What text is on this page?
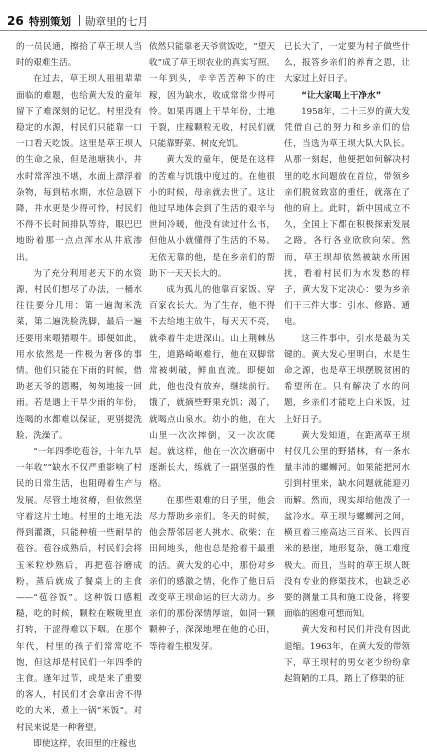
26 特别策划 勋章里的七月

的一员民通，擦拾了草王坝人当时的艰难生活。

在过去，草王坝人祖祖辈辈面临的难题，也给黄大发的童年留下了难深刻的记忆。村里没有稳定的水源，村民们只能靠一口一口看天吃饭。这里是草王坝人的生命之泉，但是池塘狭小，井水时常浑浊不堪，水面上漂浮着杂物，每到枯水期，水位急剧下降，井水更是少得可怜，村民们不得不长时间排队等待，眼巴巴地盼着那一点点浑水从井底渗出。

为了充分利用老天下的水资源，村民们想尽了办法，一桶水往往要分几用：第一遍淘米洗菜，第二遍洗脸洗脚，最后一遍还要用来喂猪喂牛。即便如此，用水依然是一件极为奢侈的事情。他们只能在下雨的时候，借助老天爷的恩赐，匆匆地接一回雨。若是遇上干旱少雨的年份，连喝的水都难以保证，更别提洗脸、洗澡了。

“一年四季吃苞谷，十年九旱一年收”“缺水不仅严重影响了村民的日常生活，也阻碍着生产与发展。尽管土地贫瘠，但依然坚守着这片土地。村里的土地无法得到灌溉，只能种植一些耐旱的苞谷。苞谷成熟后，村民们会将玉米粒炒熟后，再把苞谷磨成粉，蒸后就成了餐桌上的主食——“苞谷饭”。这种饭口感粗糙，吃的时候，颗粒在喉咙里直打转，干涩得难以下咽。在那个年代，村里的孩子们常常吃不饱，但这却是村民们一年四季的主食。逢年过节，或是来了重要的客人，村民们才会拿出舍不得吃的大米，煮上一锅“米饭”。对村民来说是一种奢望。

即使这样，农田里的庄稼也

依然只能靠老天爷赏饭吃，“望天收”成了草王坝农业的真实写照。一年到头，辛辛苦苦种下的庄稼，因为缺水，收成常常少得可怜。如果再遇上干旱年份，土地干裂，庄稼颗粒无收，村民们就只能靠野菜、树皮充饥。

黄大发的童年，便是在这样的苦难与饥饿中度过的。在他很小的时候，母亲就去世了。这让他过早地体会到了生活的艰辛与世间冷暖，他没有读过什么书，但他从小就懂得了生活的不易。无依无靠的他，是在乡亲们的帮助下一天天长大的。

成为孤儿的他靠百家饭、穿百家衣长大。为了生存，他不得不去给地主放牛，每天天不亮，就牵着牛走进深山。山上荆棘丛生，道路崎岖难行，他在双脚常常被刺破，鲜血直流。即便如此，他也没有放弃，继续前行。饿了，就摘些野果充饥；渴了，就喝点山泉水。幼小的他，在大山里一次次摔倒，又一次次爬起。就这样，他在一次次磨砺中逐渐长大，练就了一副坚强的性格。

在那些艰难的日子里，他会尽力帮助乡亲们。冬天的时候，他会帮邻居老人挑水、砍柴；在田间地头，他也总是抢着干最重的活。黄大发的心中，那份对乡亲们的感激之情，化作了他日后改变草王坝命运的巨大动力。乡亲们的那份深情厚谊，如同一颗颗种子，深深地埋在他的心田，等待着生根发芽。

已长大了，一定要为村子做些什么，报答乡亲们的养育之恩，让大家过上好日子。

“让大家喝上干净水”

1958年，二十三岁的黄大发凭借自己的努力和乡亲们的信任，当选为草王坝大队大队长。从那一刻起，他便把如何解决村里的吃水问题放在首位，带领乡亲们脱贫致富的重任，就落在了他的肩上。此时，新中国成立不久，全国上下都在积极探索发展之路，各行各业欣欣向荣。然而，草王坝却依然被缺水所困扰，看着村民们为水发愁的样子，黄大发下定决心：要为乡亲们干三件大事：引水、修路、通电。

这三件事中，引水是最为关键的。黄大发心里明白，水是生命之源，也是草王坝摆脱贫困的希望所在。只有解决了水的问题，乡亲们才能吃上白米饭，过上好日子。

黄大发知道，在距离草王坝村仅几公里的野猪林，有一条水量丰沛的螺蛳河。如果能把河水引到村里来，缺水问题就能迎刃而解。然而，现实却给他泼了一盆冷水。草王坝与螺蛳河之间，横亘着三座高达三百米、长四百米的悬崖，地形复杂，施工难度极大。而且，当时的草王坝人既没有专业的修渠技术，也缺乏必要的测量工具和施工设备，将要面临的困难可想而知。

黄大发和村民们并没有因此退缩。1963年，在黄大发的带领下，草王坝村的男女老少纷纷拿起简陋的工具，踏上了修渠的征
